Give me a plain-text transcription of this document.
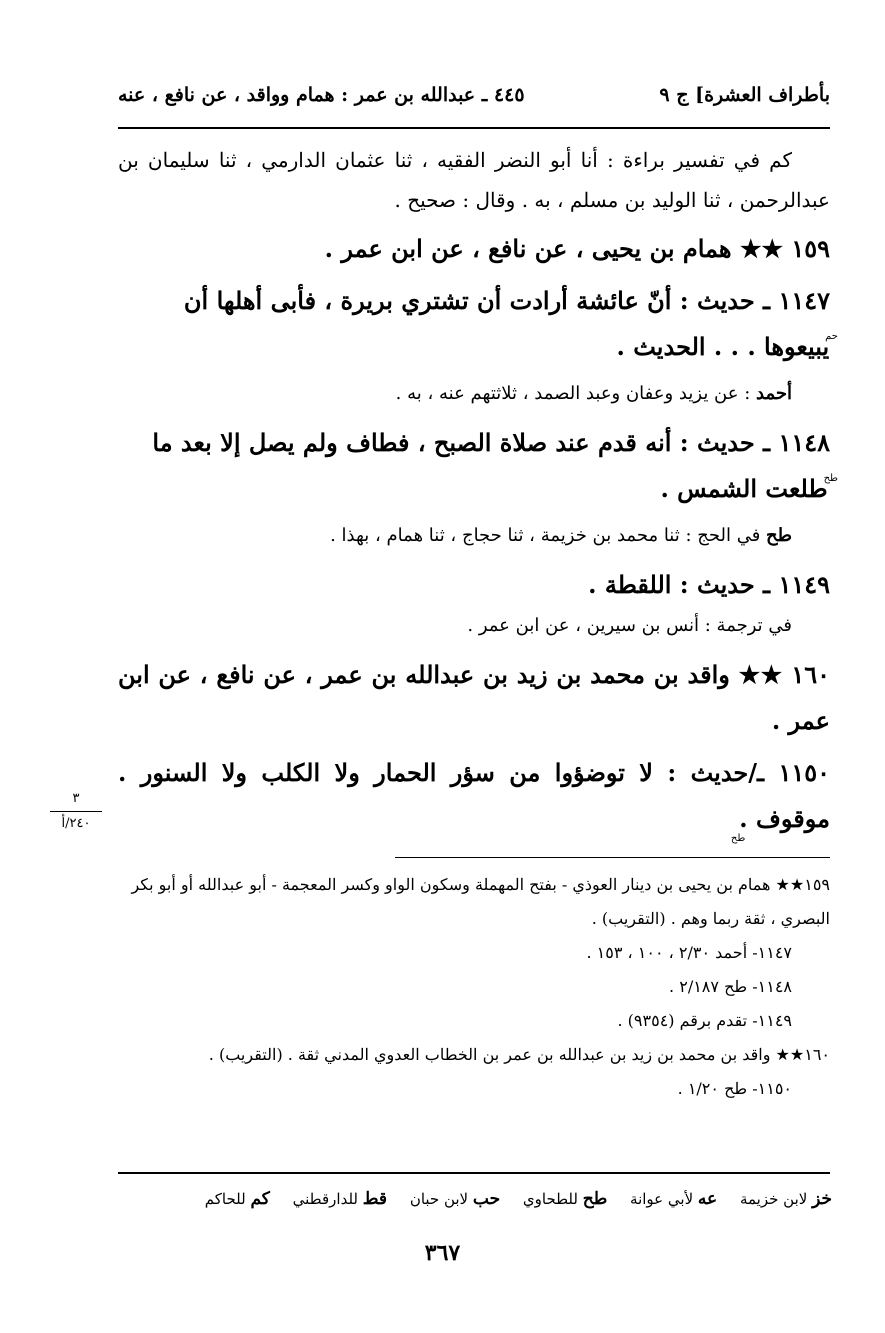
بأطراف العشرة] ج ٩
٤٤٥ ـ عبدالله بن عمر : همام وواقد ، عن نافع ، عنه

كم في تفسير براءة : أنا أبو النضر الفقيه ، ثنا عثمان الدارمي ، ثنا سليمان بن عبدالرحمن ، ثنا الوليد بن مسلم ، به . وقال : صحيح .

١٥٩ ★★ همام بن يحيى ، عن نافع ، عن ابن عمر .

١١٤٧ ـ حديث : أنّ عائشة أرادت أن تشتري بريرة ، فأبى أهلها أن
حميبيعوها . . . الحديث .

أحمد : عن يزيد وعفان وعبد الصمد ، ثلاثتهم عنه ، به .

١١٤٨ ـ حديث : أنه قدم عند صلاة الصبح ، فطاف ولم يصل إلا بعد ما
طحطلعت الشمس .

طح في الحج : ثنا محمد بن خزيمة ، ثنا حجاج ، ثنا همام ، بهذا .

١١٤٩ ـ حديث : اللقطة .

في ترجمة : أنس بن سيرين ، عن ابن عمر .

١٦٠ ★★ واقد بن محمد بن زيد بن عبدالله بن عمر ، عن نافع ، عن ابن عمر .

١١٥٠ ـ/حديث : لا توضؤوا من سؤر الحمار ولا الكلب ولا السنور . موقوف .طح

٣
٢٤٠/أ

١٥٩★★ همام بن يحيى بن دينار العوذي - بفتح المهملة وسكون الواو وكسر المعجمة - أبو عبدالله أو أبو بكر البصري ، ثقة ربما وهم . (التقريب) .

١١٤٧- أحمد ٢/٣٠ ، ١٠٠ ، ١٥٣ .

١١٤٨- طح ٢/١٨٧ .

١١٤٩- تقدم برقم (٩٣٥٤) .

١٦٠★★ واقد بن محمد بن زيد بن عبدالله بن عمر بن الخطاب العدوي المدني ثقة . (التقريب) .

١١٥٠- طح ١/٢٠ .

خز لابن خزيمة عه لأبي عوانة طح للطحاوي حب لابن حبان قط للدارقطني كم للحاكم
٣٦٧
